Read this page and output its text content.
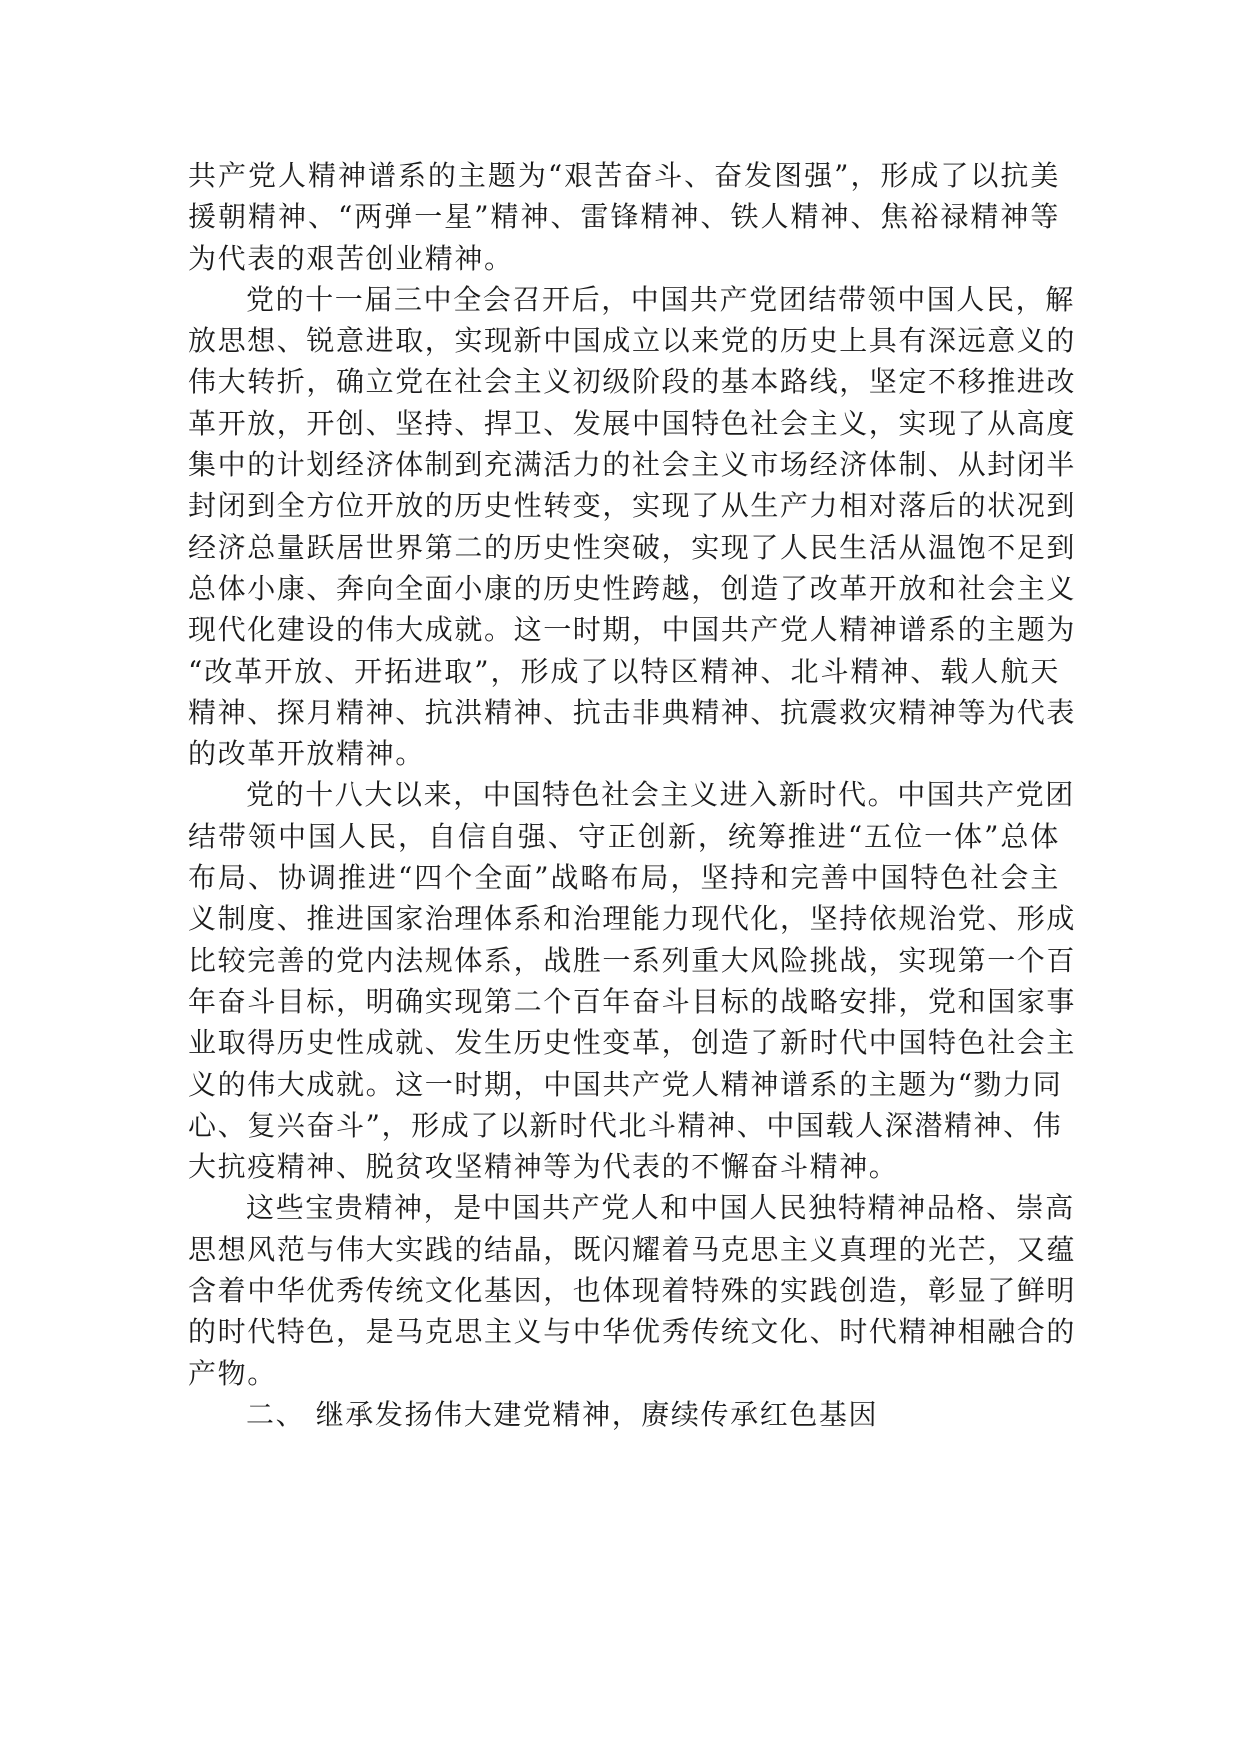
共产党人精神谱系的主题为“艰苦奋斗、奋发图强”，形成了以抗美
援朝精神、“两弹一星”精神、雷锋精神、铁人精神、焦裕禄精神等
为代表的艰苦创业精神。
党的十一届三中全会召开后，中国共产党团结带领中国人民，解
放思想、锐意进取，实现新中国成立以来党的历史上具有深远意义的
伟大转折，确立党在社会主义初级阶段的基本路线，坚定不移推进改
革开放，开创、坚持、捍卫、发展中国特色社会主义，实现了从高度
集中的计划经济体制到充满活力的社会主义市场经济体制、从封闭半
封闭到全方位开放的历史性转变，实现了从生产力相对落后的状况到
经济总量跃居世界第二的历史性突破，实现了人民生活从温饱不足到
总体小康、奔向全面小康的历史性跨越，创造了改革开放和社会主义
现代化建设的伟大成就。这一时期，中国共产党人精神谱系的主题为
“改革开放、开拓进取”，形成了以特区精神、北斗精神、载人航天
精神、探月精神、抗洪精神、抗击非典精神、抗震救灾精神等为代表
的改革开放精神。
党的十八大以来，中国特色社会主义进入新时代。中国共产党团
结带领中国人民，自信自强、守正创新，统筹推进“五位一体”总体
布局、协调推进“四个全面”战略布局，坚持和完善中国特色社会主
义制度、推进国家治理体系和治理能力现代化，坚持依规治党、形成
比较完善的党内法规体系，战胜一系列重大风险挑战，实现第一个百
年奋斗目标，明确实现第二个百年奋斗目标的战略安排，党和国家事
业取得历史性成就、发生历史性变革，创造了新时代中国特色社会主
义的伟大成就。这一时期，中国共产党人精神谱系的主题为“勠力同
心、复兴奋斗”，形成了以新时代北斗精神、中国载人深潜精神、伟
大抗疫精神、脱贫攻坚精神等为代表的不懈奋斗精神。
这些宝贵精神，是中国共产党人和中国人民独特精神品格、崇高
思想风范与伟大实践的结晶，既闪耀着马克思主义真理的光芒，又蕴
含着中华优秀传统文化基因，也体现着特殊的实践创造，彰显了鲜明
的时代特色，是马克思主义与中华优秀传统文化、时代精神相融合的
产物。
二、 继承发扬伟大建党精神，赓续传承红色基因
